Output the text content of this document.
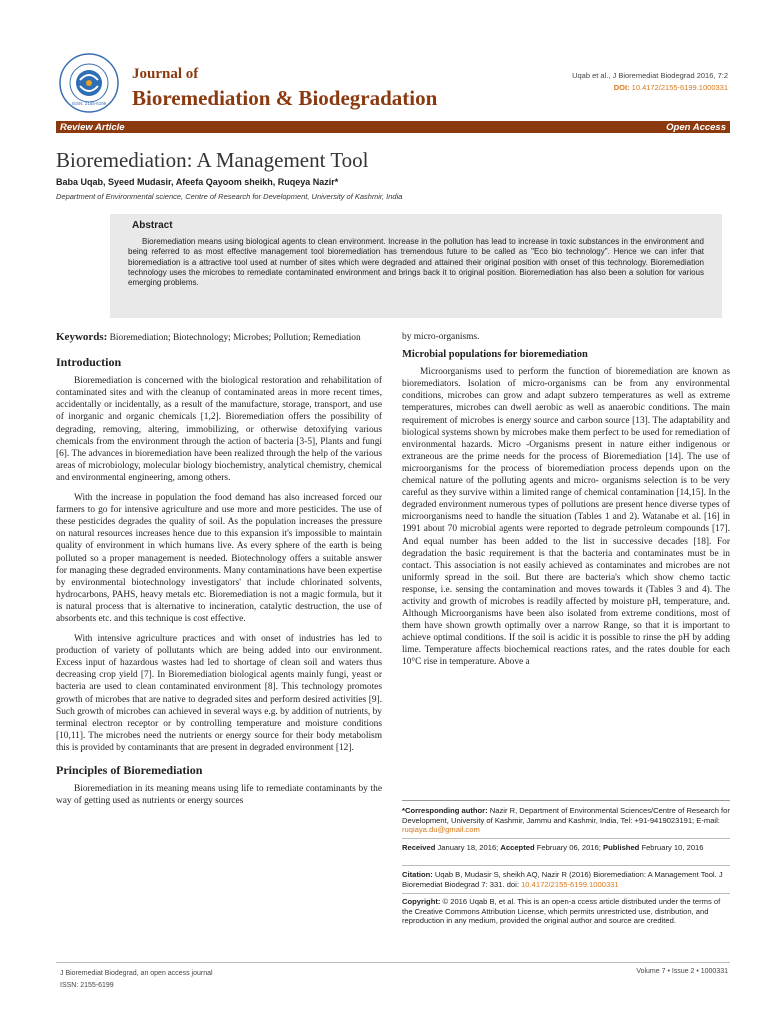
ISSN: 2155-6199
Journal of
Bioremediation & Biodegradation
Uqab et al., J Bioremediat Biodegrad 2016, 7:2
DOI: 10.4172/2155-6199.1000331
Review Article	Open Access
Bioremediation: A Management Tool
Baba Uqab, Syeed Mudasir, Afeefa Qayoom sheikh, Ruqeya Nazir*
Department of Environmental science, Centre of Research for Development, University of Kashmir, India
Abstract

Bioremediation means using biological agents to clean environment. Increase in the pollution has lead to increase in toxic substances in the environment and being referred to as most effective management tool bioremediation has tremendous future to be called as "Eco bio technology". Hence we can infer that bioremediation is a attractive tool used at number of sites which were degraded and attained their original position with onset of this technology. Bioremediation technology uses the microbes to remediate contaminated environment and brings back it to original position. Bioremediation has also been a solution for various emerging problems.

Keywords: Bioremediation; Biotechnology; Microbes; Pollution; Remediation
Introduction

Bioremediation is concerned with the biological restoration and rehabilitation of contaminated sites and with the cleanup of contaminated areas in more recent times, accidentally or incidentally, as a result of the manufacture, storage, transport, and use of inorganic and organic chemicals [1,2]. Bioremediation offers the possibility of degrading, removing, altering, immobilizing, or otherwise detoxifying various chemicals from the environment through the action of bacteria [3-5], Plants and fungi [6]. The advances in bioremediation have been realized through the help of the various areas of microbiology, molecular biology biochemistry, analytical chemistry, chemical and environmental engineering, among others.

With the increase in population the food demand has also increased forced our farmers to go for intensive agriculture and use more and more pesticides. The use of these pesticides degrades the quality of soil. As the population increases the pressure on natural resources increases hence due to this expansion it's impossible to maintain quality of environment in which humans live. As every sphere of the earth is being polluted so a proper management is needed. Biotechnology offers a suitable answer for managing these degraded environments. Many contaminations have been expertise by environmental biotechnology investigators' that include chlorinated solvents, hydrocarbons, PAHS, heavy metals etc. Bioremediation is not a magic formula, but it is natural process that is alternative to incineration, catalytic destruction, the use of absorbents etc. and this technique is cost effective.

With intensive agriculture practices and with onset of industries has led to production of variety of pollutants which are being added into our environment. Excess input of hazardous wastes had led to shortage of clean soil and waters thus decreasing crop yield [7]. In Bioremediation biological agents mainly fungi, yeast or bacteria are used to clean contaminated environment [8]. This technology promotes growth of microbes that are native to degraded sites and perform desired activities [9]. Such growth of microbes can achieved in several ways e.g. by addition of nutrients, by terminal electron receptor or by controlling temperature and moisture conditions [10,11]. The microbes need the nutrients or energy source for their body metabolism this is provided by contaminants that are present in degraded environment [12].

Principles of Bioremediation

Bioremediation in its meaning means using life to remediate contaminants by the way of getting used as nutrients or energy sources

by micro-organisms.
Microbial populations for bioremediation

Microorganisms used to perform the function of bioremediation are known as bioremediators. Isolation of micro-organisms can be from any environmental conditions, microbes can grow and adapt subzero temperatures as well as extreme temperatures, microbes can dwell aerobic as well as anaerobic conditions. The main requirement of microbes is energy source and carbon source [13]. The adaptability and biological systems shown by microbes make them perfect to be used for remediation of environmental hazards. Micro -Organisms present in nature either indigenous or extraneous are the prime needs for the process of Bioremediation [14]. The use of microorganisms for the process of bioremediation process depends upon on the chemical nature of the polluting agents and micro- organisms selection is to be very careful as they survive within a limited range of chemical contamination [14,15]. In the degraded environment numerous types of pollutions are present hence diverse types of microorganisms need to handle the situation (Tables 1 and 2). Watanabe et al. [16] in 1991 about 70 microbial agents were reported to degrade petroleum compounds [17]. And equal number has been added to the list in successive decades [18]. For degradation the basic requirement is that the bacteria and contaminates must be in contact. This association is not easily achieved as contaminates and microbes are not uniformly spread in the soil. But there are bacteria's which show chemo tactic response, i.e. sensing the contamination and moves towards it (Tables 3 and 4). The activity and growth of microbes is readily affected by moisture pH, temperature, and. Although Microorganisms have been also isolated from extreme conditions, most of them have shown growth optimally over a narrow Range, so that it is important to achieve optimal conditions. If the soil is acidic it is possible to rinse the pH by adding lime. Temperature affects biochemical reactions rates, and the rates double for each 10°C rise in temperature. Above a

*Corresponding author: Nazir R, Department of Environmental Sciences/Centre of Research for Development, University of Kashmir, Jammu and Kashmir, India, Tel: +91-9419023191; E-mail: ruqiaya.du@gmail.com
Received January 18, 2016; Accepted February 06, 2016; Published February 10, 2016
Citation: Uqab B, Mudasir S, sheikh AQ, Nazir R (2016) Bioremediation: A Management Tool. J Bioremediat Biodegrad 7: 331. doi: 10.4172/2155-6199.1000331
Copyright: © 2016 Uqab B, et al. This is an open-a ccess article distributed under the terms of the Creative Commons Attribution License, which permits unrestricted use, distribution, and reproduction in any medium, provided the original author and source are credited.
J Bioremediat Biodegrad, an open access journal
ISSN: 2155-6199
Volume 7 • Issue 2 • 1000331
